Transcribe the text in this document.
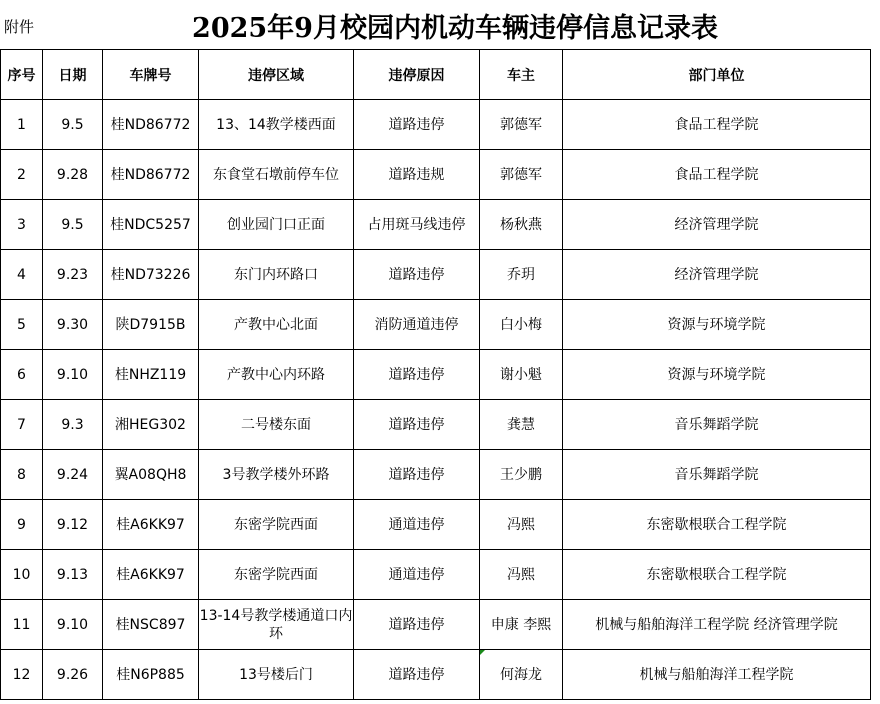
附件	2025年9月校园内机动车辆违停信息记录表
序号	日期	车牌号	违停区域	违停原因	车主	部门单位
1	9.5	桂ND86772	13、14教学楼西面	道路违停	郭德军	食品工程学院
2	9.28	桂ND86772	东食堂石墩前停车位	道路违规	郭德军	食品工程学院
3	9.5	桂NDC5257	创业园门口正面	占用斑马线违停	杨秋燕	经济管理学院
4	9.23	桂ND73226	东门内环路口	道路违停	乔玥	经济管理学院
5	9.30	陕D7915B	产教中心北面	消防通道违停	白小梅	资源与环境学院
6	9.10	桂NHZ119	产教中心内环路	道路违停	谢小魁	资源与环境学院
7	9.3	湘HEG302	二号楼东面	道路违停	龚慧	音乐舞蹈学院
8	9.24	翼A08QH8	3号教学楼外环路	道路违停	王少鹏	音乐舞蹈学院
9	9.12	桂A6KK97	东密学院西面	通道违停	冯熙	东密歇根联合工程学院
10	9.13	桂A6KK97	东密学院西面	通道违停	冯熙	东密歇根联合工程学院
11	9.10	桂NSC897	13-14号教学楼通道口内环	道路违停	申康 李熙	机械与船舶海洋工程学院 经济管理学院
12	9.26	桂N6P885	13号楼后门	道路违停	何海龙	机械与船舶海洋工程学院
